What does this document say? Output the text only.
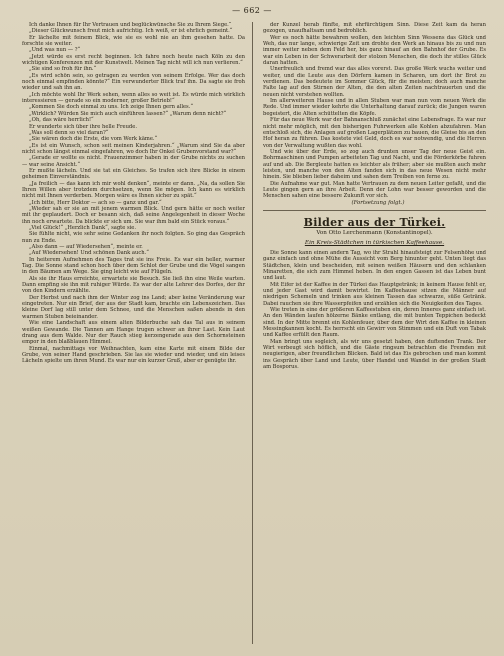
— 662 —

Ich danke Ihnen für Ihr Vertrauen und beglückwünsche Sie zu Ihrem Siege.“

„Dieser Glückwunsch freut mich aufrichtig. Ich weiß, er ist ehrlich gemeint.“

Er lächelte mit feinem Blick, wie sie es wohl nie an ihm gesehen hatte. Da forschte sie weiter.

„Und was nun — ?“

„Jetzt würde es erst recht beginnen. Ich fahre noch heute nach Köln zu den wichtigen Konferenzen mit der Kunstwelt. Meinen Tag nicht will ich nun verlieren.“

„Sie sind so froh für ihn.“

„Es wird schön sein, so getragen zu werden von seinem Erfolge. Wer das doch noch einmal empfinden könnte?“ Ein verwunderter Blick traf ihn. Da sagte sie froh wieder und sah ihn an.

„Ich möchte wohl Ihr Werk sehen, wenn alles so weit ist. Es würde mich wirklich interessieren — gerade so ein moderner, großer Betrieb!“

„Kommen Sie doch einmal zu uns. Ich zeige Ihnen gern alles.“

„Wirklich? Würden Sie mich auch einführen lassen?“ „Warum denn nicht?“

„Oh, das wäre herrlich!“

Er wunderte sich über ihre helle Freude.

„Was soll denn so viel daran?“

„Sie wären doch die Erste, die vom Werk käme.“

„Es ist ein Wunsch, schon seit meinen Kinderjahren.“ „Warum sind Sie da aber nicht schon längst einmal eingefahren, wo doch Ihr Onkel Grubenvorstand war?“

„Gerade er wollte es nicht. Frauenzimmer haben in der Grube nichts zu suchen — war seine Ansicht.“

Er mußte lächeln. Und sie tat ein Gleiches. So trafen sich ihre Blicke in einem geheimen Einverständnis.

„Ja freilich — das kann ich mir wohl denken“, meinte er dann. „Na, da sollen Sie Ihren Willen aber trotzdem durchsetzen, wenn Sie mögen. Ich kann es wirklich nicht mit Ihnen verderben. Morgen wäre es Ihnen sicher zu spät.“

„Ich bitte, Herr Doktor — ach so — ganz und gar.“

„Wieder sah er sie an mit jenem warmen Blick. Und gern hätte er noch weiter mit ihr geplaudert. Doch er besann sich, daß seine Angelegenheit in dieser Woche ihn noch erwartete. Da blickte er sich um. Sie war ihm bald ein Stück voraus.“

„Viel Glück!“ „Herzlich Dank“, sagte sie.

Sie fühlte nicht, wie sehr seine Gedanken ihr noch folgten. So ging das Gespräch nun zu Ende.

„Also dann — auf Wiedersehen“, meinte er.

„Auf Wiedersehen! Und schönen Dank auch.“

In heiterem Aufnehmen des Tages trat sie ins Freie. Es war ein heller, warmer Tag. Die Sonne stand schon hoch über dem Schlot der Grube und die Vögel sangen in den Bäumen am Wege. Sie ging leicht wie auf Flügeln.

Als sie ihr Haus erreichte, erwartete sie Besuch. Sie ließ ihn eine Weile warten. Dann empfing sie ihn mit ruhiger Würde. Es war der alte Lehrer des Dorfes, der ihr von den Kindern erzählte.

Der Herbst und nach ihm der Winter zog ins Land; aber keine Veränderung war eingetreten. Nur ein Brief, der aus der Stadt kam, brachte ein Lebenszeichen. Das kleine Dorf lag still unter dem Schnee, und die Menschen saßen abends in den warmen Stuben beieinander.

Wie eine Landschaft aus einem alten Bilderbuche sah das Tal aus in seinem weißen Gewande. Die Tannen am Hange trugen schwer an ihrer Last. Kein Laut drang aus dem Walde. Nur der Rauch stieg kerzengerade aus den Schornsteinen empor in den blaßblauen Himmel.

Einmal, nachmittags vor Weihnachten, kam eine Karte mit einem Bilde der Grube, von seiner Hand geschrieben. Sie las sie wieder und wieder, und ein leises Lächeln spielte um ihren Mund. Es war nur ein kurzer Gruß, aber er genügte ihr.

der Kunzel herab fünfte, mit ehrfürchtigem Sinn. Diese Zeit kam da heran gezogen, unaufhaltsam und bedrohlich.

Wer es noch hätte bewahren wollen, den leichten Sinn Wessens das Glück und Weh, das nur lange, schwierige Zeit um drohte den Werk an hinaus bis zu und nun immer weiter neben dem Feld her, bis ganz hinauf an den Bahnhof der Grube. Es war ein Leben in der Schwerarbeit der stolzen Menschen, die doch ihr stilles Glück daran hatten.

Unerfreulich und fremd war das alles vorerst. Das große Werk wuchs weiter und weiter, und die Leute aus den Dörfern kamen in Scharen, um dort ihr Brot zu verdienen. Das bedeutete im Sommer Glück, für die meisten; doch auch manche Falte lag auf den Stirnen der Alten, die den alten Zeiten nachtrauerten und die neuen nicht verstehen wollten.

Im allerweiteren Hause und in allen Stuben war man nun vom neuen Werk die Rede. Und immer wieder kehrte die Unterhaltung darauf zurück; die Jungen waren begeistert, die Alten schüttelten die Köpfe.

Für das neue Werk war der Bahnanschluß zunächst eine Lebensfrage. Es war nur nicht mehr möglich, mit den bisherigen Fuhrwerken alle Kohlen abzufahren. Man entschloß sich, die Anlagen auf großen Lagerplätzen zu bauen, die Gleise bis an den Hof heran zu führen. Das kostete viel Geld, doch es war notwendig, und die Herren von der Verwaltung wußten das wohl.

Und wie über der Erde, so zog auch drunten unser Tag der neue Geist ein. Bohrmaschinen und Pumpen arbeiteten Tag und Nacht, und die Förderkörbe fuhren auf und ab. Die Bergleute hatten es leichter als früher; aber sie mußten auch mehr leisten, und manche von den Alten fanden sich in das neue Wesen nicht mehr hinein. Sie blieben lieber daheim und sahen dem Treiben von ferne zu.

Die Aufnahme war gut. Man hatte Vertrauen zu dem neuen Leiter gefaßt, und die Leute gingen gern an ihre Arbeit. Denn der Lohn war besser geworden und die Menschen sahen eine bessere Zukunft vor sich.

(Fortsetzung folgt.)

Bilder aus der Türkei.
Von Otto Lerchenmann (Konstantinopel).
Ein Kreis-Städtchen in türkischen Kaffeehause.

Die Sonne kann einen andern Tag, wo ihr Strahl hinaufsteigt zur Felsenhöhe und ganz einfach und ohne Mühe die Aussicht vom Berg hinunter geht. Unten liegt das Städtchen, klein und bescheiden, mit seinen weißen Häusern und den schlanken Minaretten, die sich zum Himmel heben. In den engen Gassen ist das Leben bunt und laut.

Mit Eifer ist der Kaffee in der Türkei das Hauptgetränk; in keinem Hause fehlt er, und jeder Gast wird damit bewirtet. Im Kaffeehause sitzen die Männer auf niedrigen Schemeln und trinken aus kleinen Tassen das schwarze, süße Getränk. Dabei rauchen sie ihre Wasserpfeifen und erzählen sich die Neuigkeiten des Tages.

Wie treten in eine der größeren Kaffeestuben ein, deren Inneres ganz einfach ist. An den Wänden laufen hölzerne Bänke entlang, die mit bunten Teppichen bedeckt sind. In der Mitte brennt ein Kohlenfeuer, über dem der Wirt den Kaffee in kleinen Messingkannen kocht. Es herrscht ein Gewirr von Stimmen und ein Duft von Tabak und Kaffee erfüllt den Raum.

Man bringt uns sogleich, als wir uns gesetzt haben, den duftenden Trank. Der Wirt verbeugt sich höflich, und die Gäste ringsum betrachten die Fremden mit neugierigen, aber freundlichen Blicken. Bald ist das Eis gebrochen und man kommt ins Gespräch über Land und Leute, über Handel und Wandel in der großen Stadt am Bosporus.
